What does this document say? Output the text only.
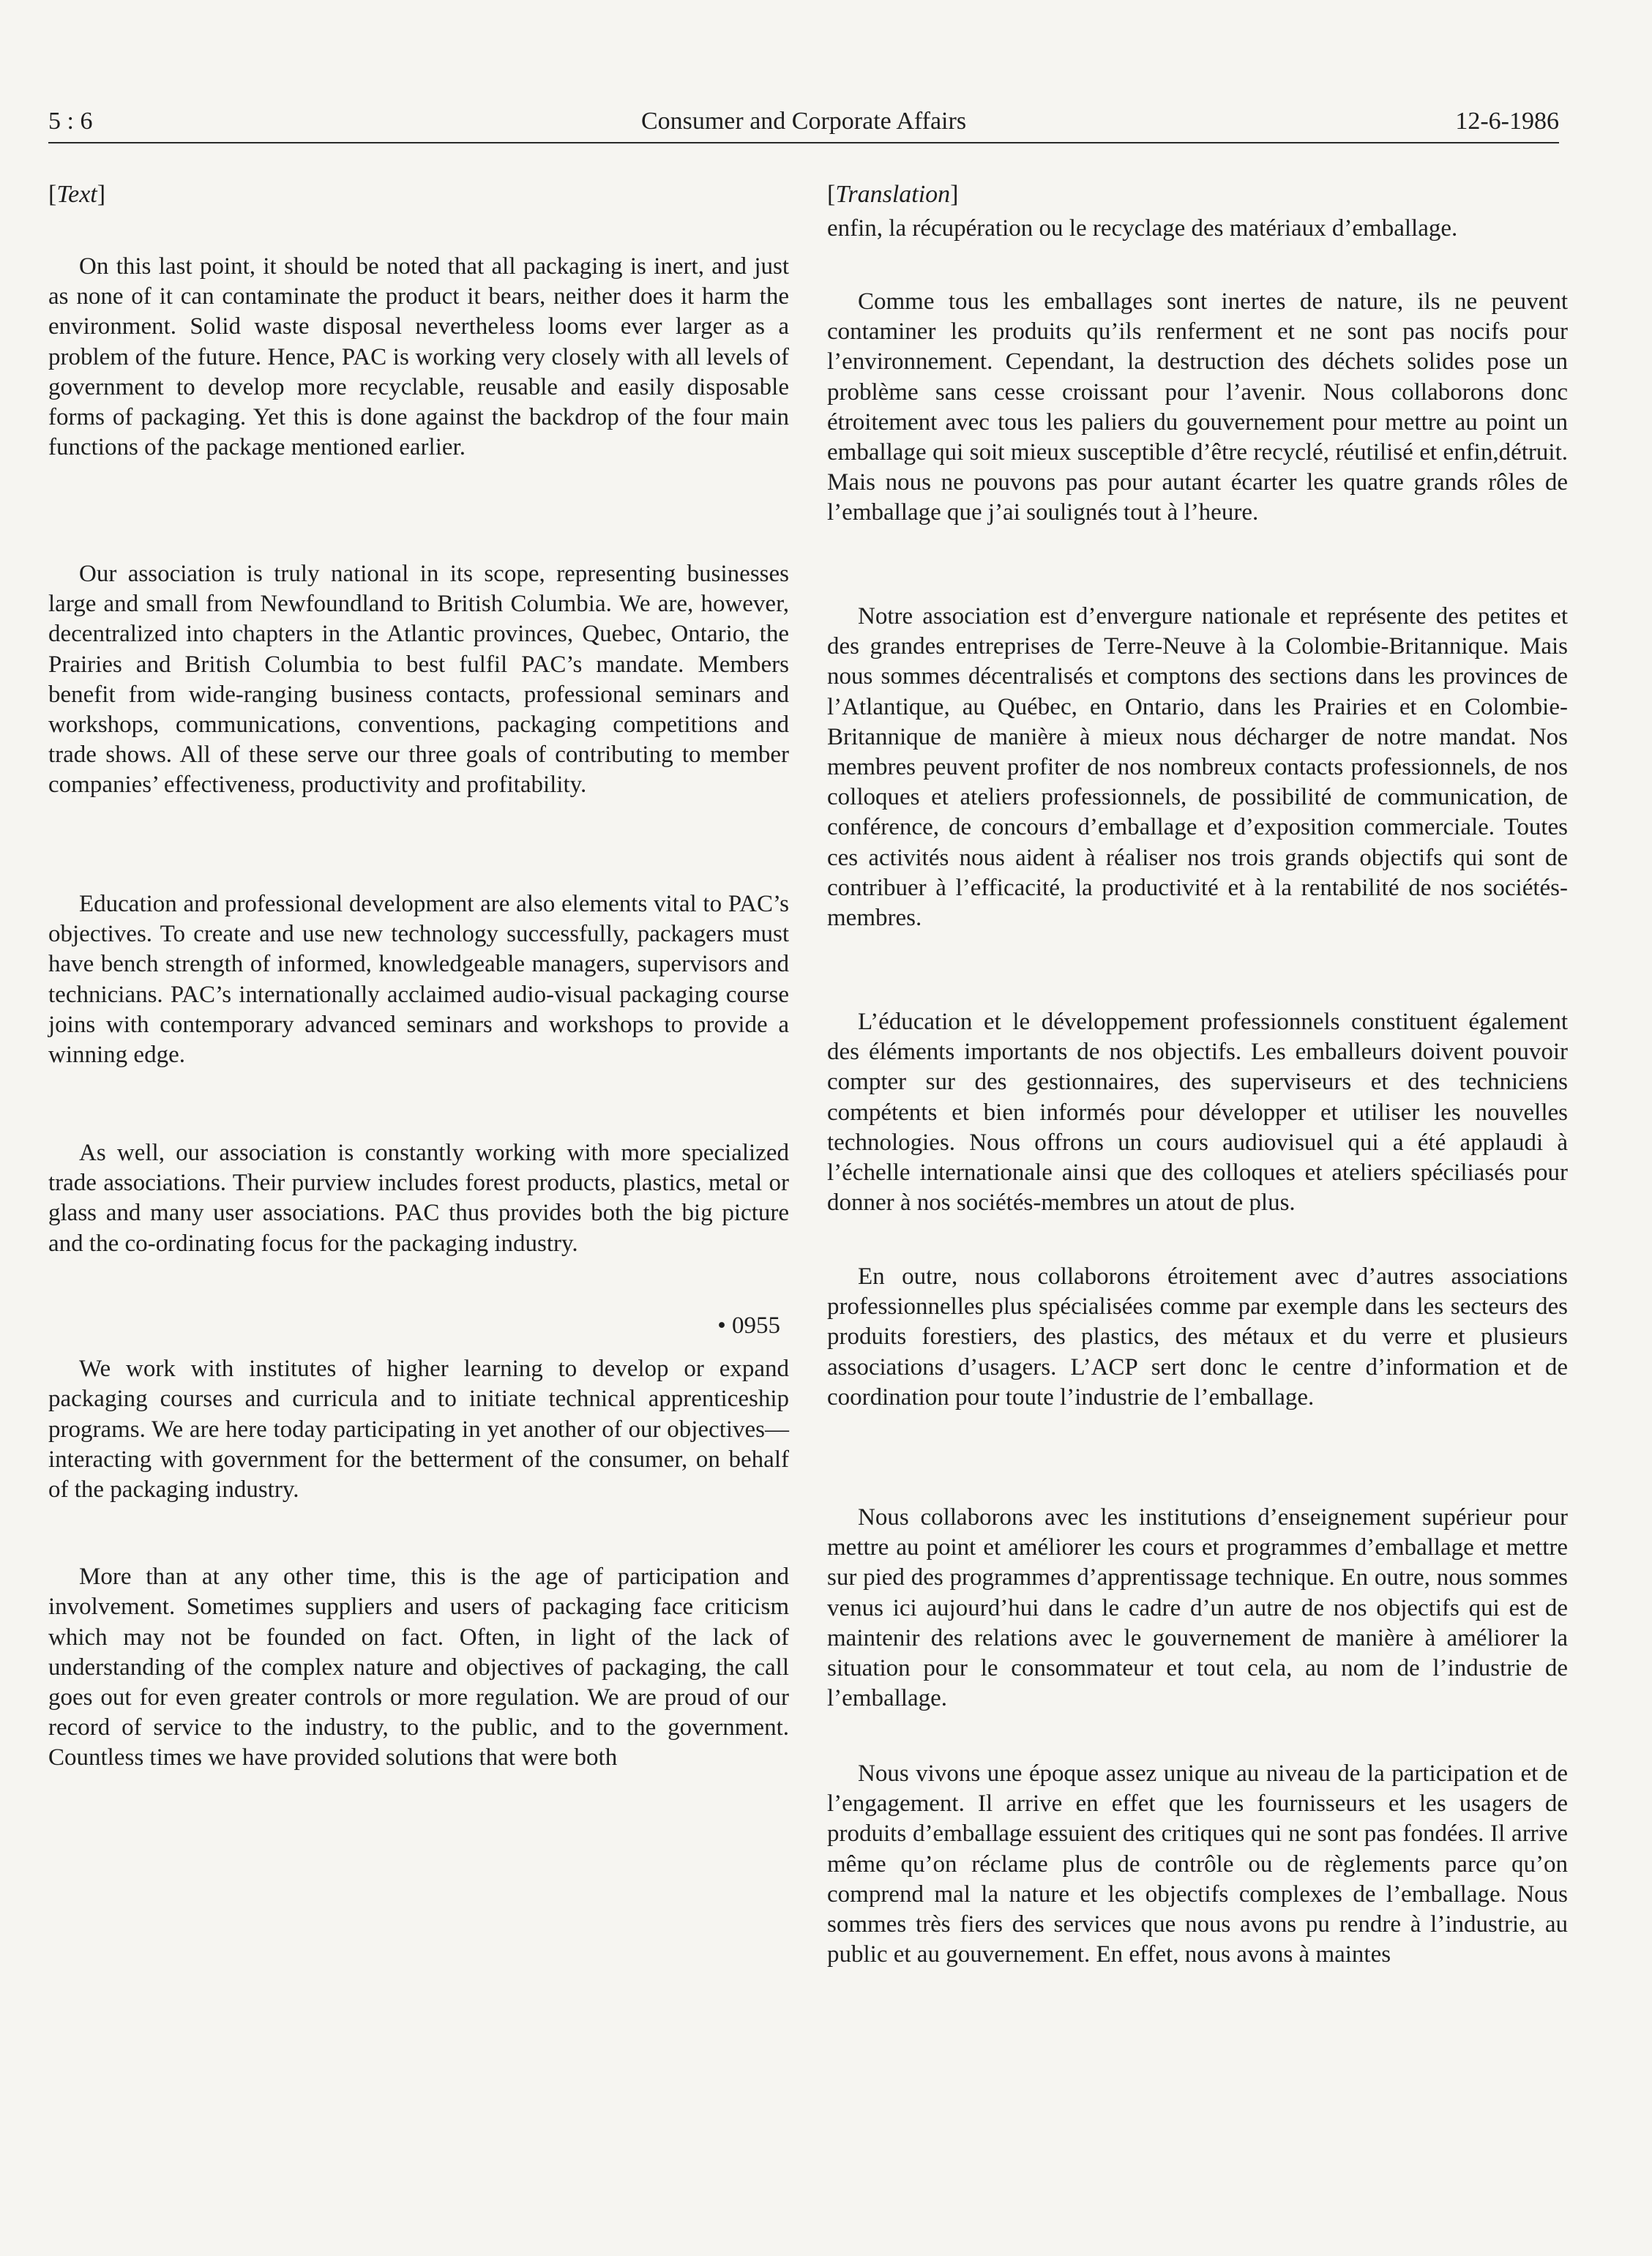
5 : 6	Consumer and Corporate Affairs	12-6-1986
[Text]

On this last point, it should be noted that all packaging is inert, and just as none of it can contaminate the product it bears, neither does it harm the environment. Solid waste disposal nevertheless looms ever larger as a problem of the future. Hence, PAC is working very closely with all levels of government to develop more recyclable, reusable and easily disposable forms of packaging. Yet this is done against the backdrop of the four main functions of the package mentioned earlier.

Our association is truly national in its scope, representing businesses large and small from Newfoundland to British Columbia. We are, however, decentralized into chapters in the Atlantic provinces, Quebec, Ontario, the Prairies and British Columbia to best fulfil PAC’s mandate. Members benefit from wide-ranging business contacts, professional seminars and workshops, communications, conventions, packaging competitions and trade shows. All of these serve our three goals of contributing to member companies’ effectiveness, productivity and profitability.

Education and professional development are also elements vital to PAC’s objectives. To create and use new technology successfully, packagers must have bench strength of informed, knowledgeable managers, supervisors and technicians. PAC’s internationally acclaimed audio-visual packaging course joins with contemporary advanced seminars and workshops to provide a winning edge.

As well, our association is constantly working with more specialized trade associations. Their purview includes forest products, plastics, metal or glass and many user associations. PAC thus provides both the big picture and the co-ordinating focus for the packaging industry.

• 0955

We work with institutes of higher learning to develop or expand packaging courses and curricula and to initiate technical apprenticeship programs. We are here today participating in yet another of our objectives—interacting with government for the betterment of the consumer, on behalf of the packaging industry.

More than at any other time, this is the age of participation and involvement. Sometimes suppliers and users of packaging face criticism which may not be founded on fact. Often, in light of the lack of understanding of the complex nature and objectives of packaging, the call goes out for even greater controls or more regulation. We are proud of our record of service to the industry, to the public, and to the government. Countless times we have provided solutions that were both

[Translation]

enfin, la récupération ou le recyclage des matériaux d’emballage.

Comme tous les emballages sont inertes de nature, ils ne peuvent contaminer les produits qu’ils renferment et ne sont pas nocifs pour l’environnement. Cependant, la destruction des déchets solides pose un problème sans cesse croissant pour l’avenir. Nous collaborons donc étroitement avec tous les paliers du gouvernement pour mettre au point un emballage qui soit mieux susceptible d’être recyclé, réutilisé et enfin,détruit. Mais nous ne pouvons pas pour autant écarter les quatre grands rôles de l’emballage que j’ai soulignés tout à l’heure.

Notre association est d’envergure nationale et représente des petites et des grandes entreprises de Terre-Neuve à la Colombie-Britannique. Mais nous sommes décentralisés et comptons des sections dans les provinces de l’Atlantique, au Québec, en Ontario, dans les Prairies et en Colombie-Britannique de manière à mieux nous décharger de notre mandat. Nos membres peuvent profiter de nos nombreux contacts professionnels, de nos colloques et ateliers professionnels, de possibilité de communication, de conférence, de concours d’emballage et d’exposition commerciale. Toutes ces activités nous aident à réaliser nos trois grands objectifs qui sont de contribuer à l’efficacité, la productivité et à la rentabilité de nos sociétés-membres.

L’éducation et le développement professionnels constituent également des éléments importants de nos objectifs. Les emballeurs doivent pouvoir compter sur des gestionnaires, des superviseurs et des techniciens compétents et bien informés pour développer et utiliser les nouvelles technologies. Nous offrons un cours audiovisuel qui a été applaudi à l’échelle internationale ainsi que des colloques et ateliers spéciliasés pour donner à nos sociétés-membres un atout de plus.

En outre, nous collaborons étroitement avec d’autres associations professionnelles plus spécialisées comme par exemple dans les secteurs des produits forestiers, des plastics, des métaux et du verre et plusieurs associations d’usagers. L’ACP sert donc le centre d’information et de coordination pour toute l’industrie de l’emballage.

Nous collaborons avec les institutions d’enseignement supérieur pour mettre au point et améliorer les cours et programmes d’emballage et mettre sur pied des programmes d’apprentissage technique. En outre, nous sommes venus ici aujourd’hui dans le cadre d’un autre de nos objectifs qui est de maintenir des relations avec le gouvernement de manière à améliorer la situation pour le consommateur et tout cela, au nom de l’industrie de l’emballage.

Nous vivons une époque assez unique au niveau de la participation et de l’engagement. Il arrive en effet que les fournisseurs et les usagers de produits d’emballage essuient des critiques qui ne sont pas fondées. Il arrive même qu’on réclame plus de contrôle ou de règlements parce qu’on comprend mal la nature et les objectifs complexes de l’emballage. Nous sommes très fiers des services que nous avons pu rendre à l’industrie, au public et au gouvernement. En effet, nous avons à maintes
